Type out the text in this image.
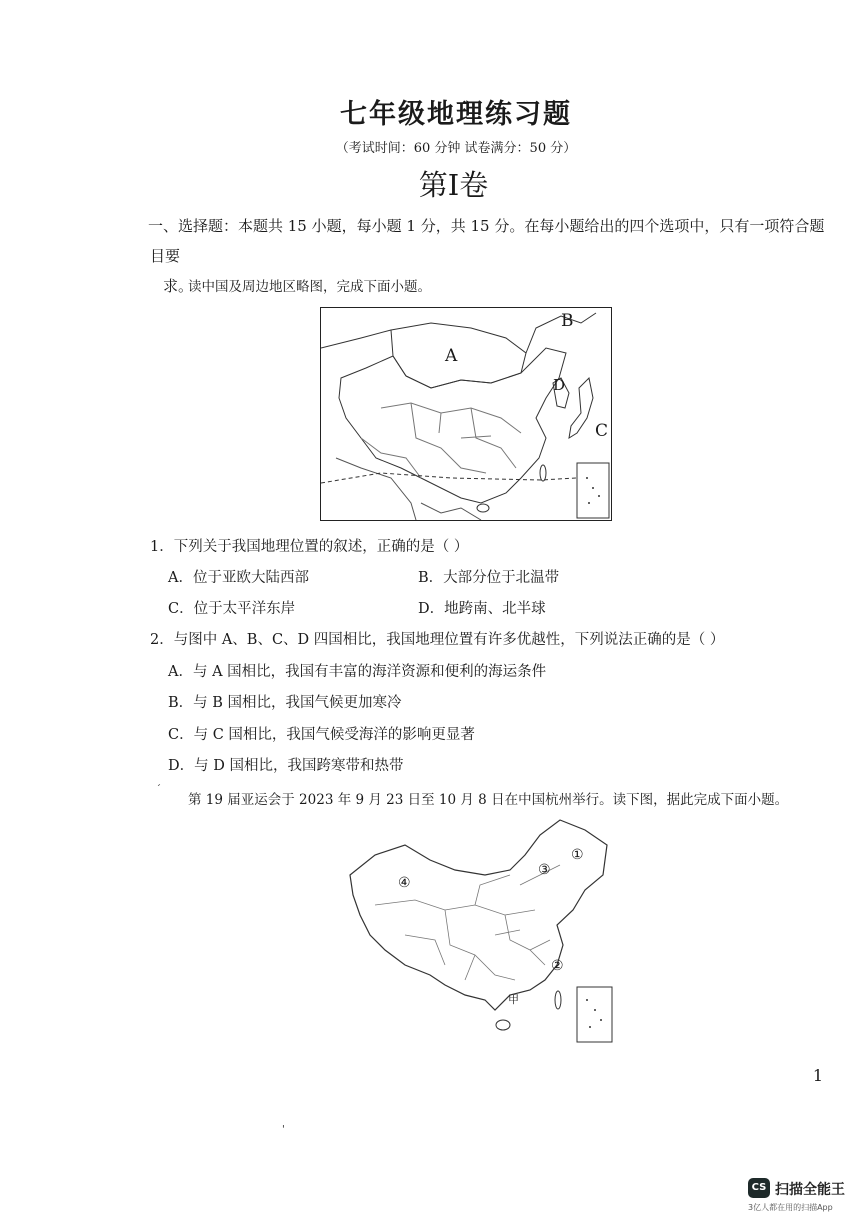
七年级地理练习题
（考试时间：60 分钟 试卷满分：50 分）
第I卷
一、选择题：本题共 15 小题，每小题 1 分，共 15 分。在每小题给出的四个选项中，只有一项符合题目要
求。
读中国及周边地区略图，完成下面小题。
A
B
C
D
1．下列关于我国地理位置的叙述，正确的是（ ）
A．位于亚欧大陆西部	B．大部分位于北温带
C．位于太平洋东岸	D．地跨南、北半球
2．与图中 A、B、C、D 四国相比，我国地理位置有许多优越性，下列说法正确的是（ ）
A．与 A 国相比，我国有丰富的海洋资源和便利的海运条件
B．与 B 国相比，我国气候更加寒冷
C．与 C 国相比，我国气候受海洋的影响更显著
D．与 D 国相比，我国跨寒带和热带
ˊ
第 19 届亚运会于 2023 年 9 月 23 日至 10 月 8 日在中国杭州举行。读下图，据此完成下面小题。
①
②
③
④
甲
1
'
CS 扫描全能王
3亿人都在用的扫描App
